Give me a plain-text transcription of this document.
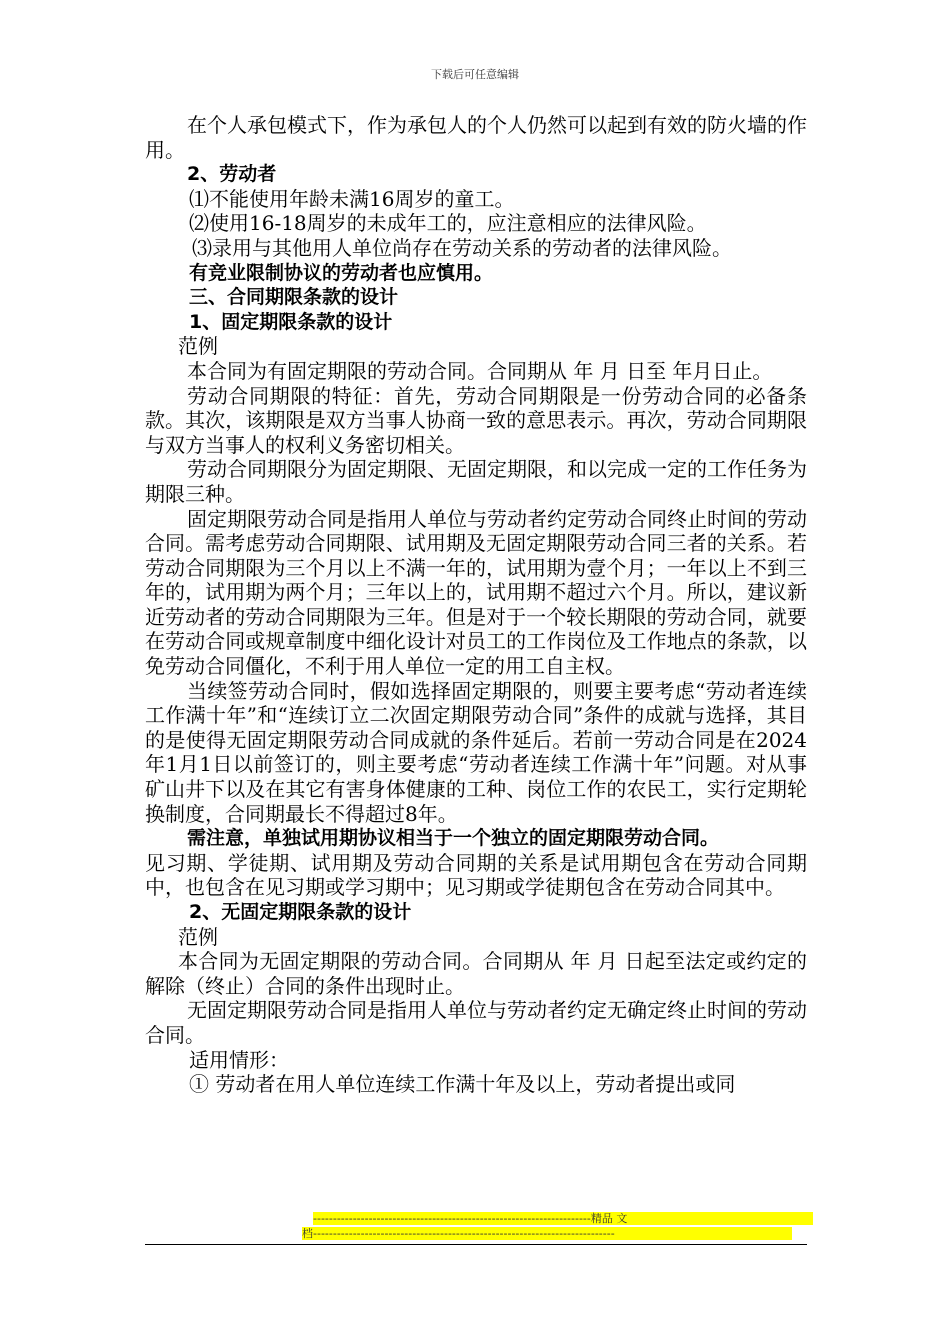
下载后可任意编辑

在个人承包模式下，作为承包人的个人仍然可以起到有效的防火墙的作用。

2、劳动者

⑴不能使用年龄未满16周岁的童工。

⑵使用16-18周岁的未成年工的，应注意相应的法律风险。

⑶录用与其他用人单位尚存在劳动关系的劳动者的法律风险。

有竞业限制协议的劳动者也应慎用。

三、合同期限条款的设计

1、固定期限条款的设计

范例

本合同为有固定期限的劳动合同。合同期从 年 月 日至 年月日止。

劳动合同期限的特征：首先，劳动合同期限是一份劳动合同的必备条款。其次，该期限是双方当事人协商一致的意思表示。再次，劳动合同期限与双方当事人的权利义务密切相关。

劳动合同期限分为固定期限、无固定期限，和以完成一定的工作任务为期限三种。

固定期限劳动合同是指用人单位与劳动者约定劳动合同终止时间的劳动合同。需考虑劳动合同期限、试用期及无固定期限劳动合同三者的关系。若劳动合同期限为三个月以上不满一年的，试用期为壹个月；一年以上不到三年的，试用期为两个月；三年以上的，试用期不超过六个月。所以，建议新近劳动者的劳动合同期限为三年。但是对于一个较长期限的劳动合同，就要在劳动合同或规章制度中细化设计对员工的工作岗位及工作地点的条款，以免劳动合同僵化，不利于用人单位一定的用工自主权。

当续签劳动合同时，假如选择固定期限的，则要主要考虑“劳动者连续工作满十年”和“连续订立二次固定期限劳动合同”条件的成就与选择，其目的是使得无固定期限劳动合同成就的条件延后。若前一劳动合同是在2024年1月1日以前签订的，则主要考虑“劳动者连续工作满十年”问题。对从事矿山井下以及在其它有害身体健康的工种、岗位工作的农民工，实行定期轮换制度，合同期最长不得超过8年。

需注意，单独试用期协议相当于一个独立的固定期限劳动合同。

见习期、学徒期、试用期及劳动合同期的关系是试用期包含在劳动合同期中，也包含在见习期或学习期中；见习期或学徒期包含在劳动合同其中。

2、无固定期限条款的设计

范例

本合同为无固定期限的劳动合同。合同期从 年 月 日起至法定或约定的解除（终止）合同的条件出现时止。

无固定期限劳动合同是指用人单位与劳动者约定无确定终止时间的劳动合同。

适用情形：

① 劳动者在用人单位连续工作满十年及以上，劳动者提出或同

----------------------------------------------------------------------精品 文
档----------------------------------------------------------------------------
